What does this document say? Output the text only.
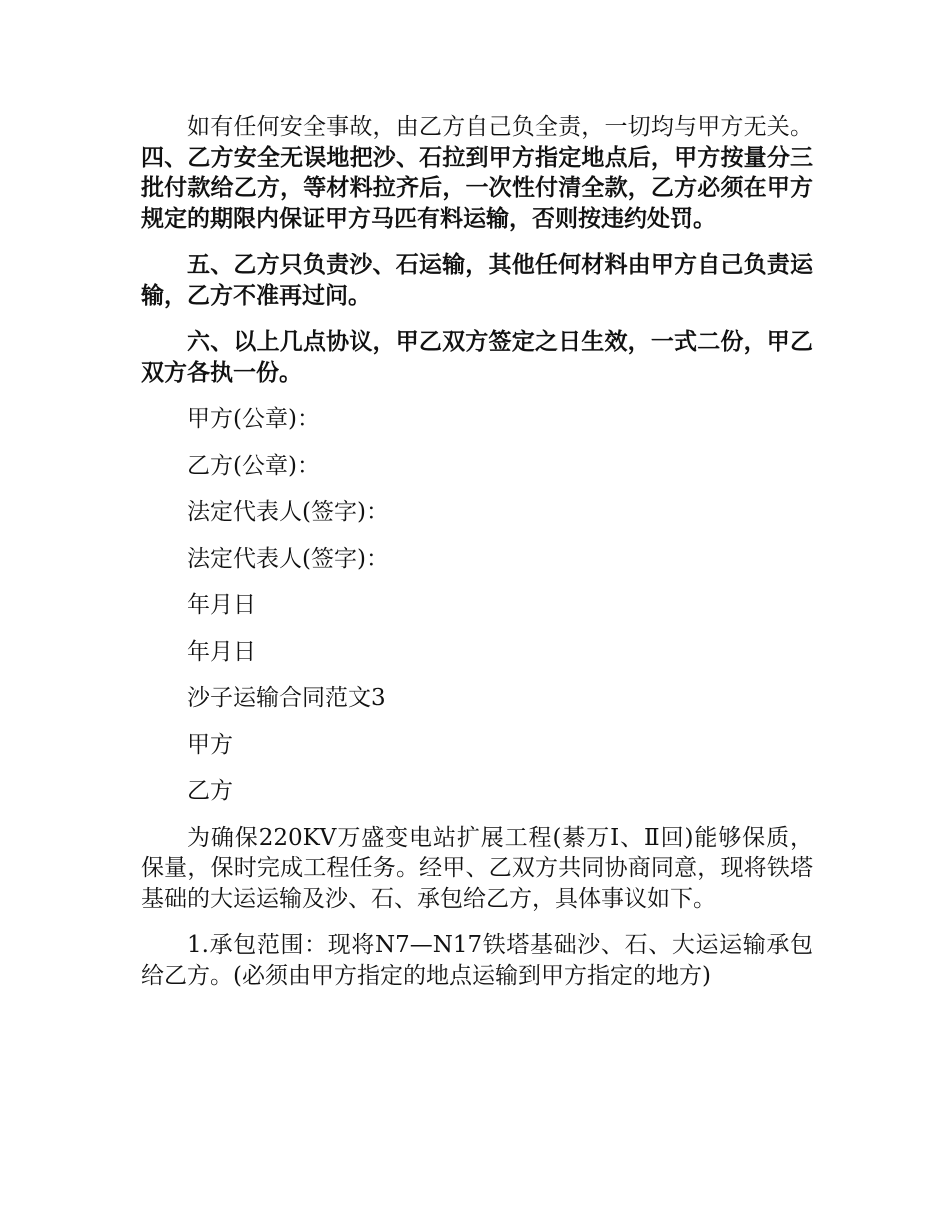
如有任何安全事故，由乙方自己负全责，一切均与甲方无关。四、乙方安全无误地把沙、石拉到甲方指定地点后，甲方按量分三批付款给乙方，等材料拉齐后，一次性付清全款，乙方必须在甲方规定的期限内保证甲方马匹有料运输，否则按违约处罚。

五、乙方只负责沙、石运输，其他任何材料由甲方自己负责运输，乙方不准再过问。

六、以上几点协议，甲乙双方签定之日生效，一式二份，甲乙双方各执一份。

甲方(公章)：
乙方(公章)：
法定代表人(签字)：
法定代表人(签字)：
年月日
年月日
沙子运输合同范文3
甲方
乙方

为确保220KV万盛变电站扩展工程(綦万Ⅰ、Ⅱ回)能够保质，保量，保时完成工程任务。经甲、乙双方共同协商同意，现将铁塔基础的大运运输及沙、石、承包给乙方，具体事议如下。

1.承包范围：现将N7—N17铁塔基础沙、石、大运运输承包给乙方。(必须由甲方指定的地点运输到甲方指定的地方)
